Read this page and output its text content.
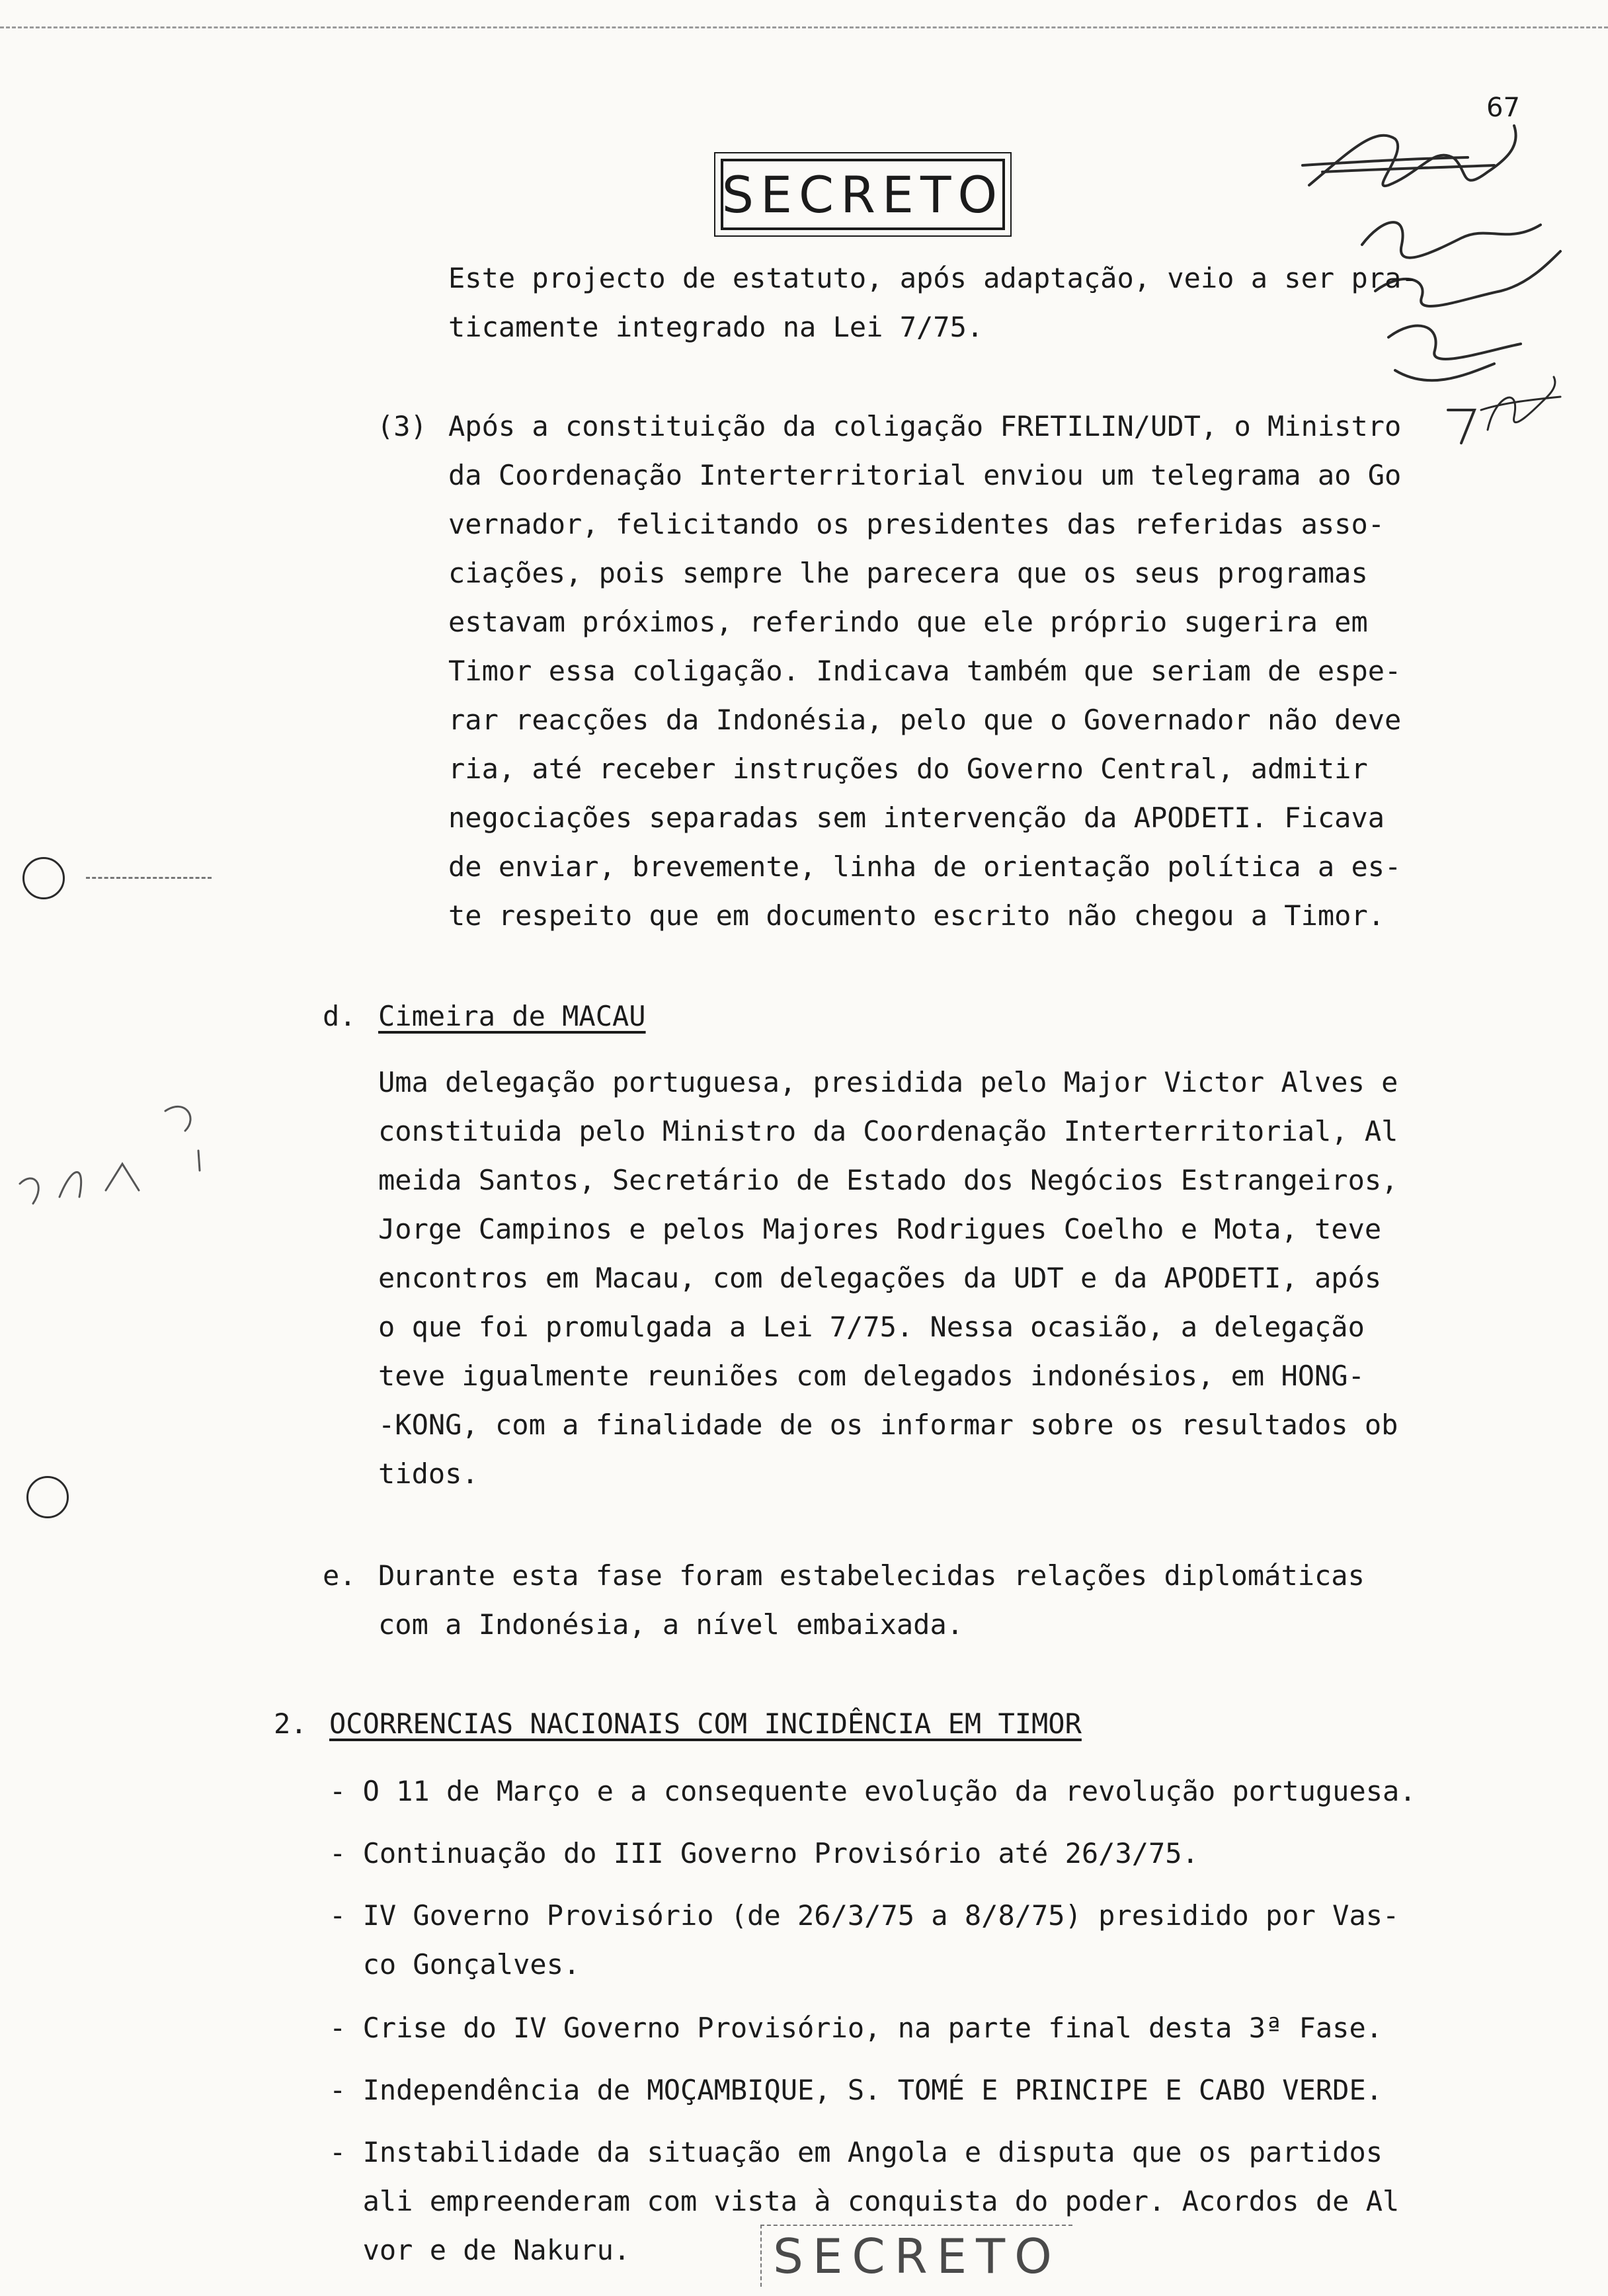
SECRETO
67
Este projecto de estatuto, após adaptação, veio a ser pra-
ticamente integrado na Lei 7/75.
(3) Após a constituição da coligação FRETILIN/UDT, o Ministro
da Coordenação Interterritorial enviou um telegrama ao Go
vernador, felicitando os presidentes das referidas asso-
ciações, pois sempre lhe parecera que os seus programas
estavam próximos, referindo que ele próprio sugerira em
Timor essa coligação. Indicava também que seriam de espe-
rar reacções da Indonésia, pelo que o Governador não deve
ria, até receber instruções do Governo Central, admitir
negociações separadas sem intervenção da APODETI. Ficava
de enviar, brevemente, linha de orientação política a es-
te respeito que em documento escrito não chegou a Timor.
d. Cimeira de MACAU
Uma delegação portuguesa, presidida pelo Major Victor Alves e
constituida pelo Ministro da Coordenação Interterritorial, Al
meida Santos, Secretário de Estado dos Negócios Estrangeiros,
Jorge Campinos e pelos Majores Rodrigues Coelho e Mota, teve
encontros em Macau, com delegações da UDT e da APODETI, após
o que foi promulgada a Lei 7/75. Nessa ocasião, a delegação
teve igualmente reuniões com delegados indonésios, em HONG-
-KONG, com a finalidade de os informar sobre os resultados ob
tidos.
e. Durante esta fase foram estabelecidas relações diplomáticas
com a Indonésia, a nível embaixada.
2. OCORRENCIAS NACIONAIS COM INCIDÊNCIA EM TIMOR
- O 11 de Março e a consequente evolução da revolução portuguesa.
- Continuação do III Governo Provisório até 26/3/75.
- IV Governo Provisório (de 26/3/75 a 8/8/75) presidido por Vas-
co Gonçalves.
- Crise do IV Governo Provisório, na parte final desta 3ª Fase.
- Independência de MOÇAMBIQUE, S. TOMÉ E PRINCIPE E CABO VERDE.
- Instabilidade da situação em Angola e disputa que os partidos
ali empreenderam com vista à conquista do poder. Acordos de Al
vor e de Nakuru.	SECRETO
